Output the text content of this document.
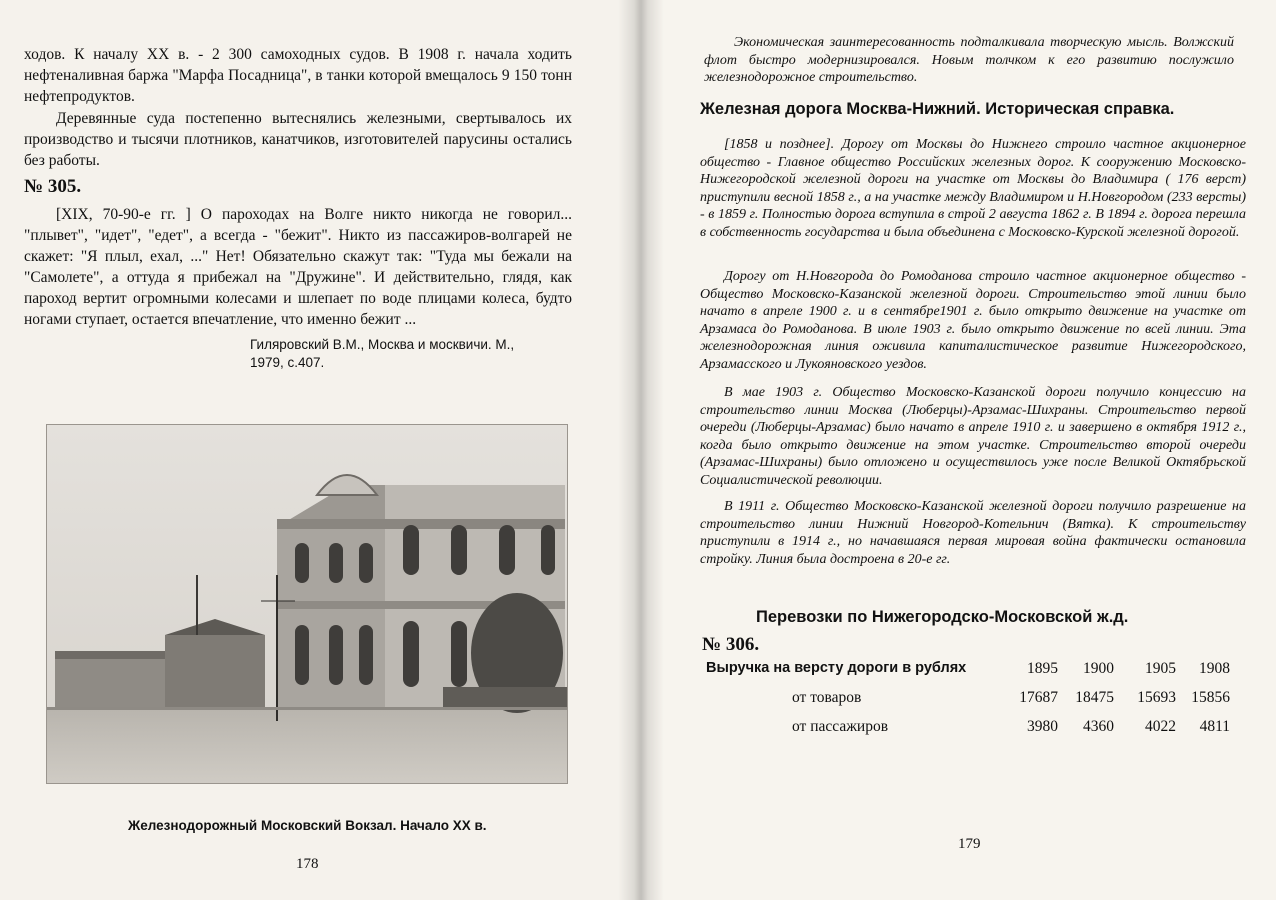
ходов. К началу XX в. - 2 300 самоходных судов. В 1908 г. начала ходить нефтеналивная баржа "Марфа Посадница", в танки которой вмещалось 9 150 тонн нефтепродуктов.
Деревянные суда постепенно вытеснялись железными, свертывалось их производство и тысячи плотников, канатчиков, изготовителей парусины остались без работы.
№ 305.
[XIX, 70-90-е гг. ] О пароходах на Волге никто никогда не говорил... "плывет", "идет", "едет", а всегда - "бежит". Никто из пассажиров-волгарей не скажет: "Я плыл, ехал, ..." Нет! Обязательно скажут так: "Туда мы бежали на "Самолете", а оттуда я прибежал на "Дружине". И действительно, глядя, как пароход вертит огромными колесами и шлепает по воде плицами колеса, будто ногами ступает, остается впечатление, что именно бежит ...
Гиляровский В.М., Москва и москвичи. М., 1979, с.407.
Железнодорожный Московский Вокзал. Начало XX в.
178
Экономическая заинтересованность подталкивала творческую мысль. Волжский флот быстро модернизировался. Новым толчком к его развитию послужило железнодорожное строительство.
Железная дорога Москва-Нижний. Историческая справка.
[1858 и позднее]. Дорогу от Москвы до Нижнего строило частное акционерное общество - Главное общество Российских железных дорог. К сооружению Московско-Нижегородской железной дороги на участке от Москвы до Владимира ( 176 верст) приступили весной 1858 г., а на участке между Владимиром и Н.Новгородом (233 версты) - в 1859 г. Полностью дорога вступила в строй 2 августа 1862 г. В 1894 г. дорога перешла в собственность государства и была объединена с Московско-Курской железной дорогой.
Дорогу от Н.Новгорода до Ромоданова строило частное акционерное общество - Общество Московско-Казанской железной дороги. Строительство этой линии было начато в апреле 1900 г. и в сентябре1901 г. было открыто движение на участке от Арзамаса до Ромоданова. В июле 1903 г. было открыто движение по всей линии. Эта железнодорожная линия оживила капиталистическое развитие Нижегородского, Арзамасского и Лукояновского уездов.
В мае 1903 г. Общество Московско-Казанской дороги получило концессию на строительство линии Москва (Люберцы)-Арзамас-Шихраны. Строительство первой очереди (Люберцы-Арзамас) было начато в апреле 1910 г. и завершено в октября 1912 г., когда было открыто движение на этом участке. Строительство второй очереди (Арзамас-Шихраны) было отложено и осуществилось уже после Великой Октябрьской Социалистической революции.
В 1911 г. Общество Московско-Казанской железной дороги получило разрешение на строительство линии Нижний Новгород-Котельнич (Вятка). К строительству приступили в 1914 г., но начавшаяся первая мировая война фактически остановила стройку. Линия была достроена в 20-е гг.
Перевозки по Нижегородско-Московской ж.д.
№ 306.
Выручка на версту дороги в рублях	1895	1900	1905	1908
от товаров	17687	18475	15693 15856
от пассажиров	3980	4360	4022	4811
179
